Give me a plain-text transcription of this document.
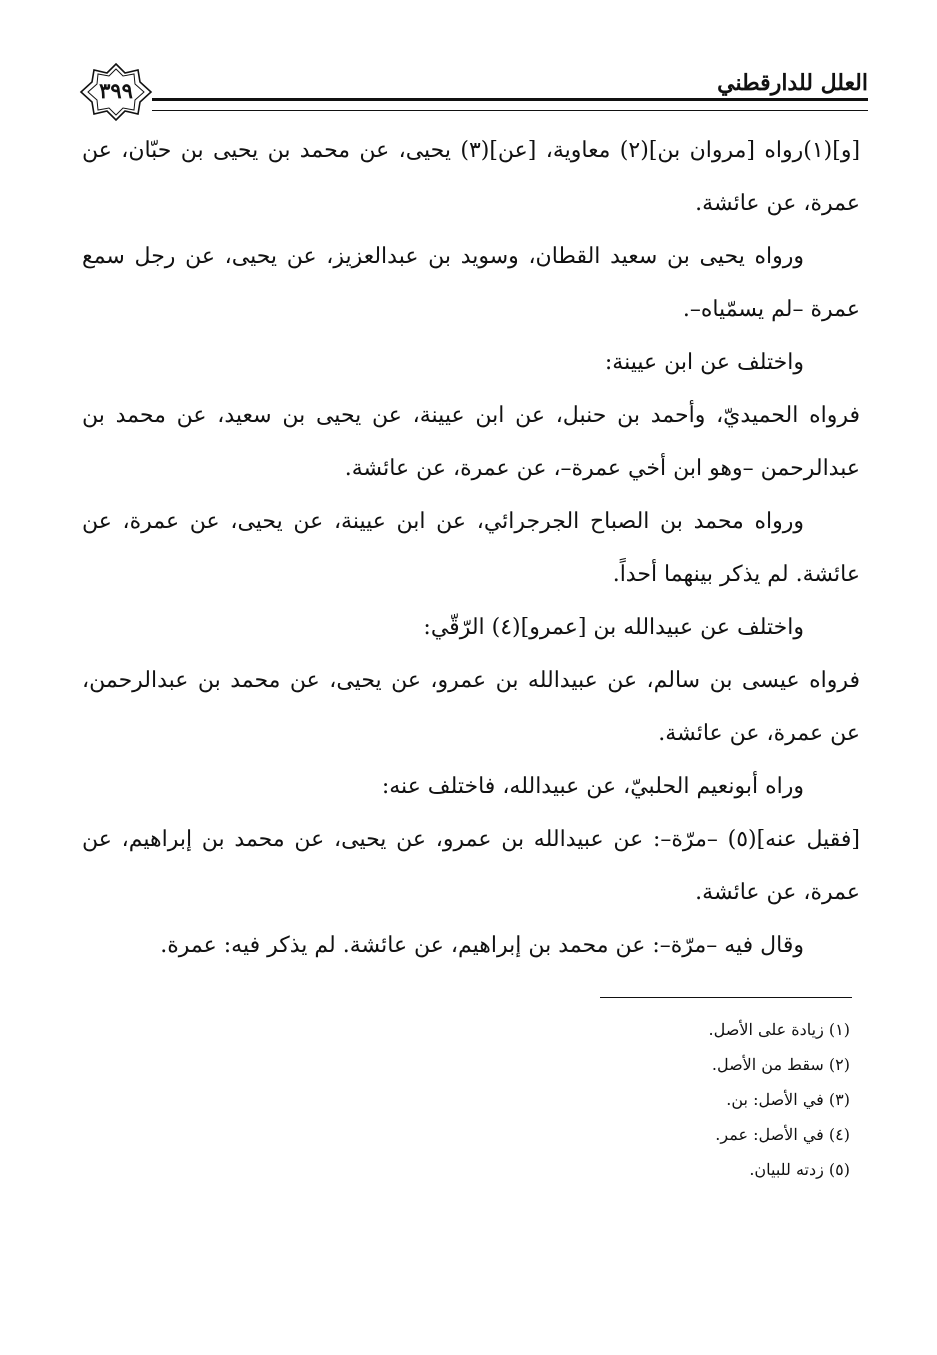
٣٩٩	العلل للدارقطني

[و](١)رواه [مروان بن](٢) معاوية، [عن](٣) يحيى، عن محمد بن يحيى بن حبّان، عن عمرة، عن عائشة.

ورواه يحيى بن سعيد القطان، وسويد بن عبدالعزيز، عن يحيى، عن رجل سمع عمرة –لم يسمّياه–.

واختلف عن ابن عيينة:

فرواه الحميديّ، وأحمد بن حنبل، عن ابن عيينة، عن يحيى بن سعيد، عن محمد بن عبدالرحمن –وهو ابن أخي عمرة–، عن عمرة، عن عائشة.

ورواه محمد بن الصباح الجرجرائي، عن ابن عيينة، عن يحيى، عن عمرة، عن عائشة. لم يذكر بينهما أحداً.

واختلف عن عبيدالله بن [عمرو](٤) الرّقّي:

فرواه عيسى بن سالم، عن عبيدالله بن عمرو، عن يحيى، عن محمد بن عبدالرحمن، عن عمرة، عن عائشة.

وراه أبونعيم الحلبيّ، عن عبيدالله، فاختلف عنه:

[فقيل عنه](٥) –مرّة–: عن عبيدالله بن عمرو، عن يحيى، عن محمد بن إبراهيم، عن عمرة، عن عائشة.

وقال فيه –مرّة–: عن محمد بن إبراهيم، عن عائشة. لم يذكر فيه: عمرة.

(١) زيادة على الأصل.
(٢) سقط من الأصل.
(٣) في الأصل: بن.
(٤) في الأصل: عمر.
(٥) زدته للبيان.
